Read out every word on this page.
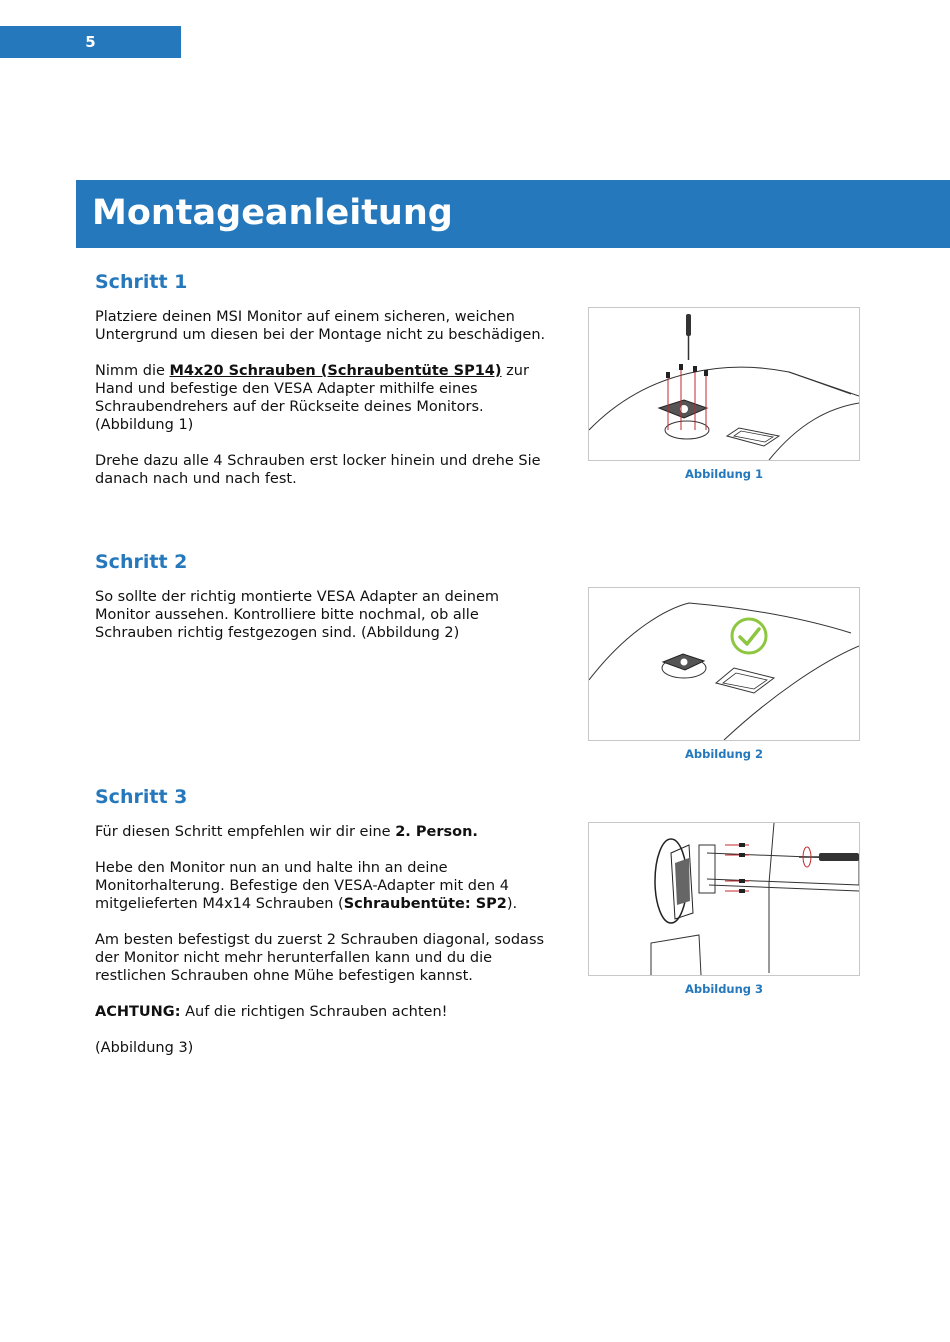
5
Montageanleitung
Schritt 1

Platziere deinen MSI Monitor auf einem sicheren, weichen Untergrund um diesen bei der Montage nicht zu beschädigen.

Nimm die M4x20 Schrauben (Schraubentüte SP14) zur Hand und befestige den VESA Adapter mithilfe eines Schraubendrehers auf der Rückseite deines Monitors. (Abbildung 1)

Drehe dazu alle 4 Schrauben erst locker hinein und drehe Sie danach nach und nach fest.	Abbildung 1
Schritt 2

So sollte der richtig montierte VESA Adapter an deinem Monitor aussehen. Kontrolliere bitte nochmal, ob alle Schrauben richtig festgezogen sind. (Abbildung 2)

Abbildung 2
Schritt 3

Für diesen Schritt empfehlen wir dir eine 2. Person.

Hebe den Monitor nun an und halte ihn an deine Monitorhalterung. Befestige den VESA-Adapter mit den 4 mitgelieferten M4x14 Schrauben (Schraubentüte: SP2).

Am besten befestigst du zuerst 2 Schrauben diagonal, sodass der Monitor nicht mehr herunterfallen kann und du die restlichen Schrauben ohne Mühe befestigen kannst.

ACHTUNG: Auf die richtigen Schrauben achten!

(Abbildung 3)

Abbildung 3
